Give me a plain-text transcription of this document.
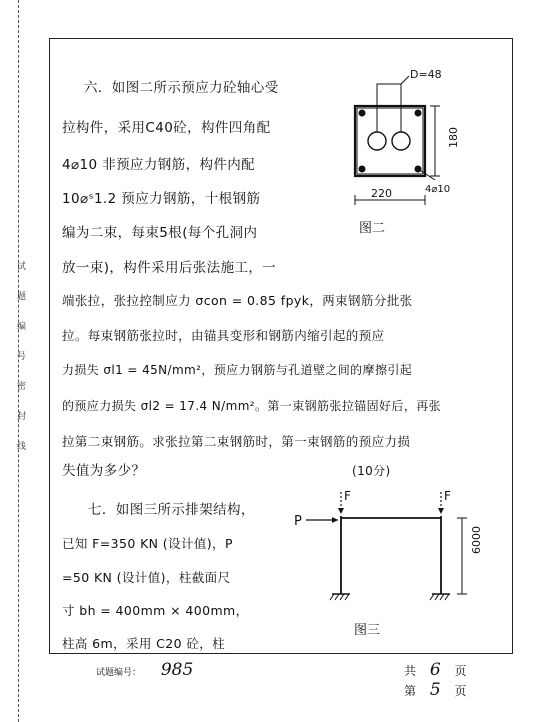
试
题
编
号
密
封
线
六．如图二所示预应力砼轴心受
拉构件，采用C40砼，构件四角配
4⌀10 非预应力钢筋，构件内配
10⌀ˢ1.2 预应力钢筋，十根钢筋
编为二束，每束5根(每个孔洞内
放一束)，构件采用后张法施工，一
端张拉，张拉控制应力 σcon = 0.85 fpyk，两束钢筋分批张
拉。每束钢筋张拉时，由锚具变形和钢筋内缩引起的预应
力损失 σl1 = 45N/mm²，预应力钢筋与孔道壁之间的摩擦引起
的预应力损失 σl2 = 17.4 N/mm²。第一束钢筋张拉锚固好后，再张
拉第二束钢筋。求张拉第二束钢筋时，第一束钢筋的预应力损
失值为多少？	(10分)
D=48
180
4⌀10
220
图二
七．如图三所示排架结构，
已知 F=350 KN (设计值)，P
=50 KN (设计值)，柱截面尺
寸 bh = 400mm × 400mm，
柱高 6m，采用 C20 砼，柱
P
F	F
6000
图三
试题编号： 985	共 6 页
第 5 页
